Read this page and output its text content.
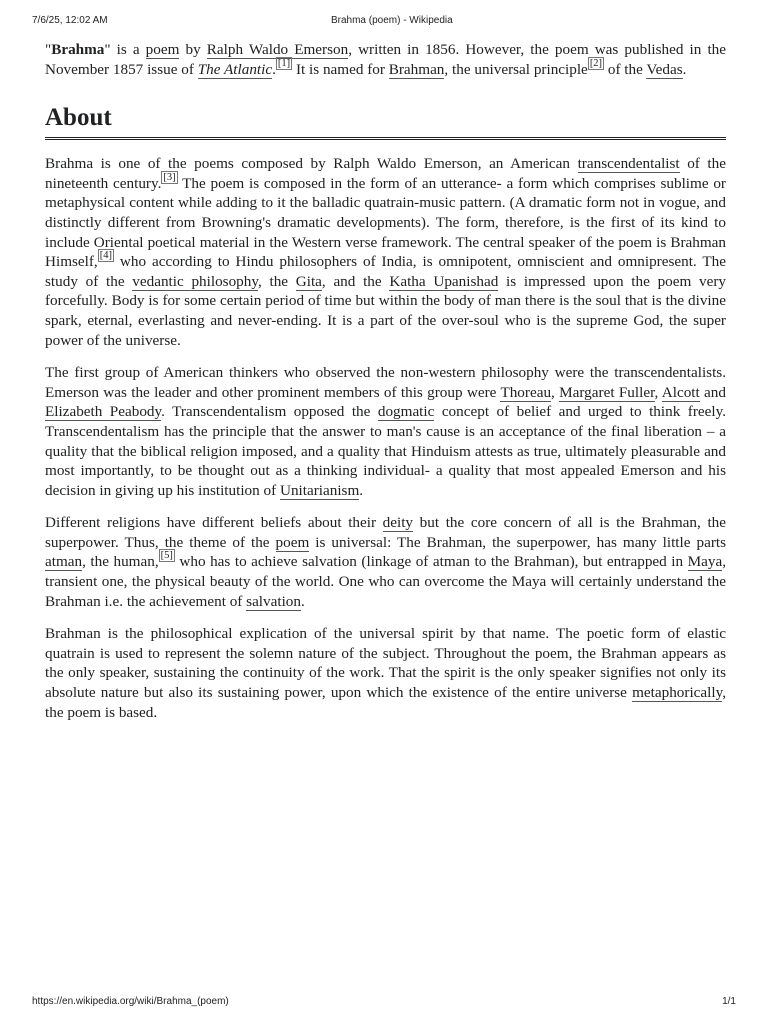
7/6/25, 12:02 AM	Brahma (poem) - Wikipedia

"Brahma" is a poem by Ralph Waldo Emerson, written in 1856. However, the poem was published in the November 1857 issue of The Atlantic. [1] It is named for Brahman, the universal principle [2] of the Vedas.

About

Brahma is one of the poems composed by Ralph Waldo Emerson, an American transcendentalist of the nineteenth century. [3] The poem is composed in the form of an utterance- a form which comprises sublime or metaphysical content while adding to it the balladic quatrain-music pattern. (A dramatic form not in vogue, and distinctly different from Browning's dramatic developments). The form, therefore, is the first of its kind to include Oriental poetical material in the Western verse framework. The central speaker of the poem is Brahman Himself, [4] who according to Hindu philosophers of India, is omnipotent, omniscient and omnipresent. The study of the vedantic philosophy, the Gita, and the Katha Upanishad is impressed upon the poem very forcefully. Body is for some certain period of time but within the body of man there is the soul that is the divine spark, eternal, everlasting and never-ending. It is a part of the over-soul who is the supreme God, the super power of the universe.

The first group of American thinkers who observed the non-western philosophy were the transcendentalists. Emerson was the leader and other prominent members of this group were Thoreau, Margaret Fuller, Alcott and Elizabeth Peabody. Transcendentalism opposed the dogmatic concept of belief and urged to think freely. Transcendentalism has the principle that the answer to man's cause is an acceptance of the final liberation – a quality that the biblical religion imposed, and a quality that Hinduism attests as true, ultimately pleasurable and most importantly, to be thought out as a thinking individual- a quality that most appealed Emerson and his decision in giving up his institution of Unitarianism.

Different religions have different beliefs about their deity but the core concern of all is the Brahman, the superpower. Thus, the theme of the poem is universal: The Brahman, the superpower, has many little parts atman, the human, [5] who has to achieve salvation (linkage of atman to the Brahman), but entrapped in Maya, transient one, the physical beauty of the world. One who can overcome the Maya will certainly understand the Brahman i.e. the achievement of salvation.

Brahman is the philosophical explication of the universal spirit by that name. The poetic form of elastic quatrain is used to represent the solemn nature of the subject. Throughout the poem, the Brahman appears as the only speaker, sustaining the continuity of the work. That the spirit is the only speaker signifies not only its absolute nature but also its sustaining power, upon which the existence of the entire universe metaphorically, the poem is based.

https://en.wikipedia.org/wiki/Brahma_(poem)	1/1
